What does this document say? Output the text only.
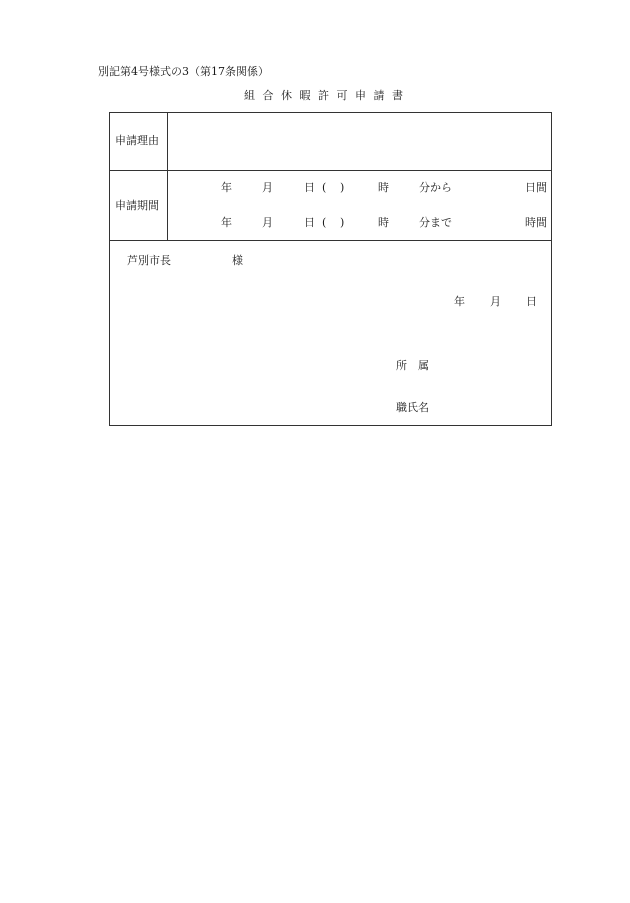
別記第4号様式の3（第17条関係）
組合休暇許可申請書
申請理由
申請期間
年	月	日 ( )	時	分から	日間
年	月	日 ( )	時	分まで	時間
芦別市長	様
年 月 日
所　属
職氏名
